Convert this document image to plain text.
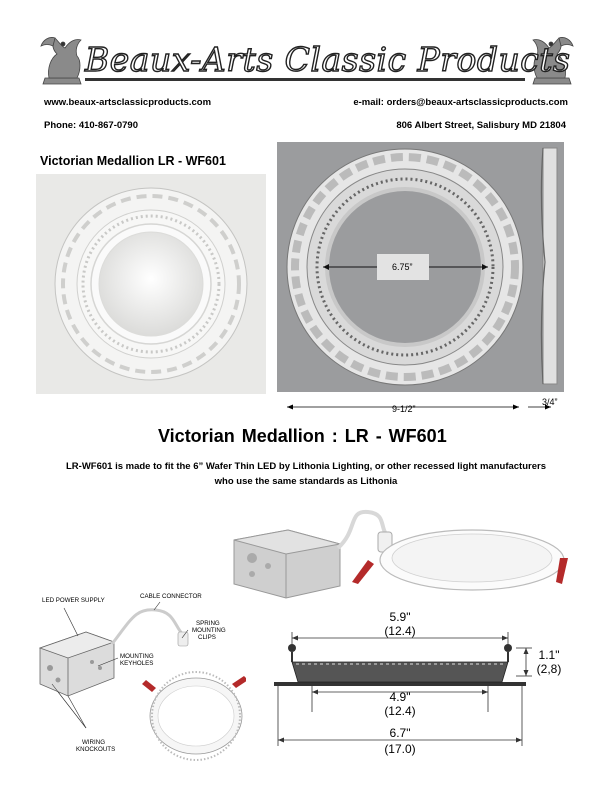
Beaux-Arts Classic Products
www.beaux-artsclassicproducts.com	e-mail: orders@beaux-artsclassicproducts.com
Phone: 410-867-0790	806 Albert Street, Salisbury MD 21804
Victorian Medallion LR - WF601
6.75”
9-1/2”
3/4”
Victorian Medallion : LR - WF601
LR-WF601 is made to fit the 6” Wafer Thin LED by Lithonia Lighting, or other recessed light manufacturers
who use the same standards as Lithonia
LED POWER SUPPLY
CABLE CONNECTOR
SPRING
MOUNTING
CLIPS
MOUNTING
KEYHOLES
WIRING
KNOCKOUTS
5.9"
(12.4)
1.1"
(2,8)
4.9"
(12.4)
6.7"
(17.0)
